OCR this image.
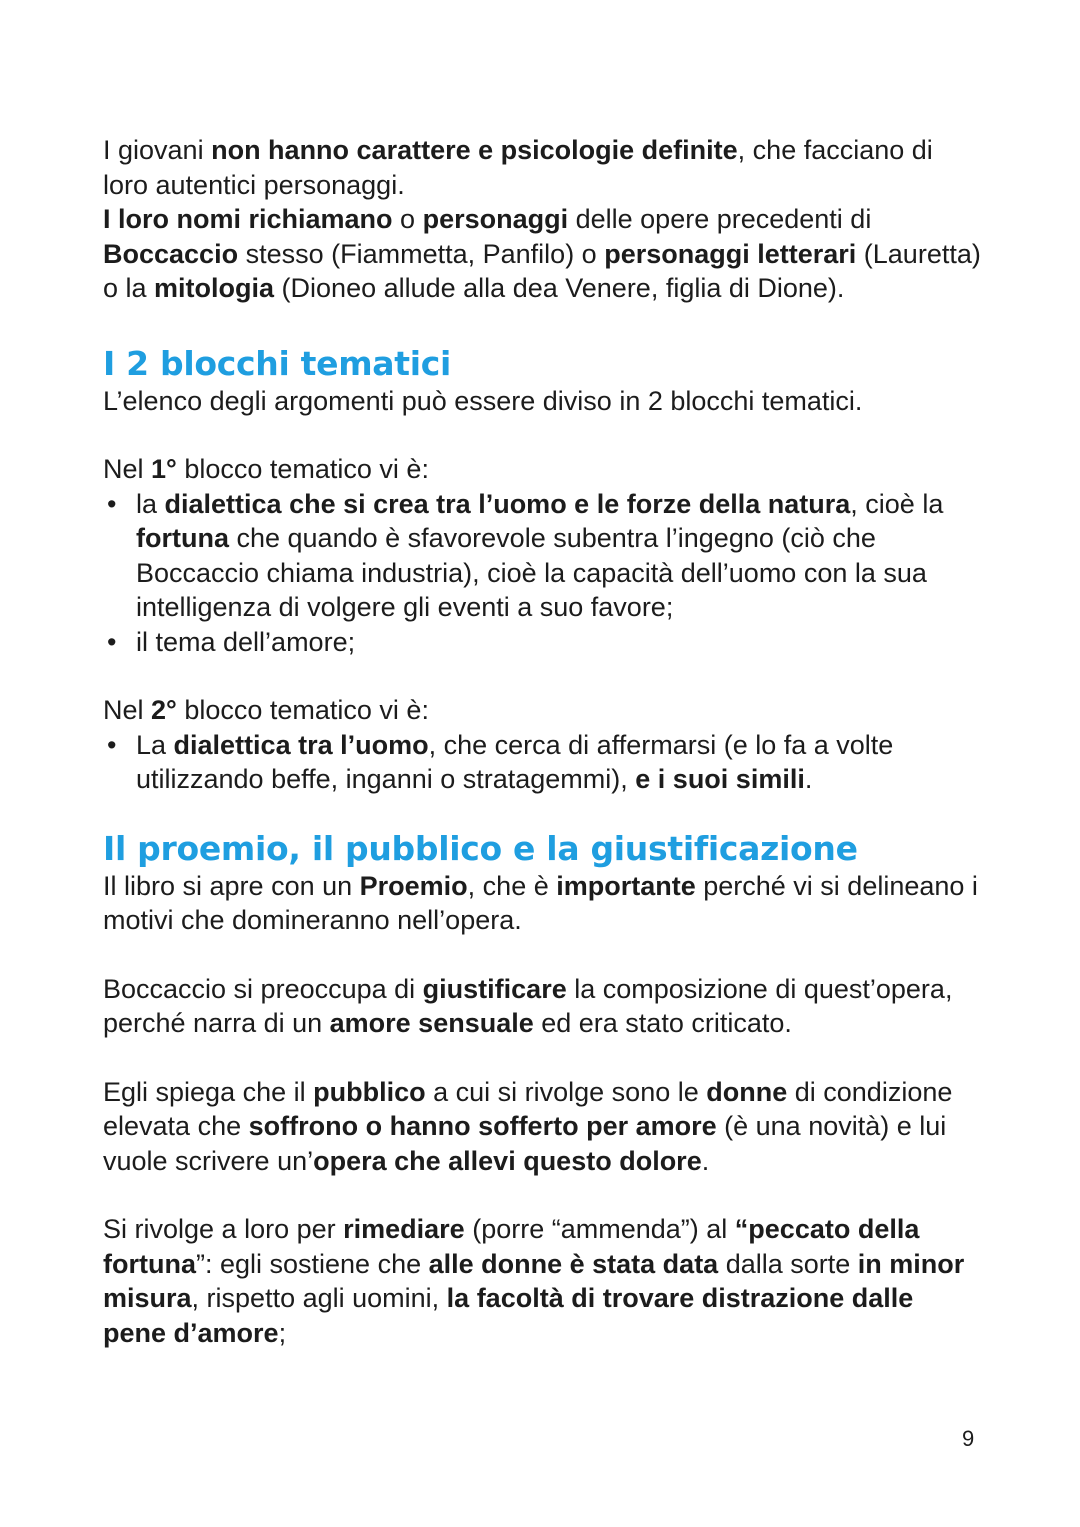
I giovani non hanno carattere e psicologie definite, che facciano di loro autentici personaggi.

I loro nomi richiamano o personaggi delle opere precedenti di Boccaccio stesso (Fiammetta, Panfilo) o personaggi letterari (Lauretta) o la mitologia (Dioneo allude alla dea Venere, figlia di Dione).

I 2 blocchi tematici

L’elenco degli argomenti può essere diviso in 2 blocchi tematici.

Nel 1° blocco tematico vi è:

• la dialettica che si crea tra l’uomo e le forze della natura, cioè la fortuna che quando è sfavorevole subentra l’ingegno (ciò che Boccaccio chiama industria), cioè la capacità dell’uomo con la sua intelligenza di volgere gli eventi a suo favore;
• il tema dell’amore;

Nel 2° blocco tematico vi è:

• La dialettica tra l’uomo, che cerca di affermarsi (e lo fa a volte utilizzando beffe, inganni o stratagemmi), e i suoi simili.
Il proemio, il pubblico e la giustificazione

Il libro si apre con un Proemio, che è importante perché vi si delineano i motivi che domineranno nell’opera.

Boccaccio si preoccupa di giustificare la composizione di quest’opera, perché narra di un amore sensuale ed era stato criticato.

Egli spiega che il pubblico a cui si rivolge sono le donne di condizione elevata che soffrono o hanno sofferto per amore (è una novità) e lui vuole scrivere un’opera che allevi questo dolore.

Si rivolge a loro per rimediare (porre “ammenda”) al “peccato della fortuna”: egli sostiene che alle donne è stata data dalla sorte in minor misura, rispetto agli uomini, la facoltà di trovare distrazione dalle pene d’amore;

9
